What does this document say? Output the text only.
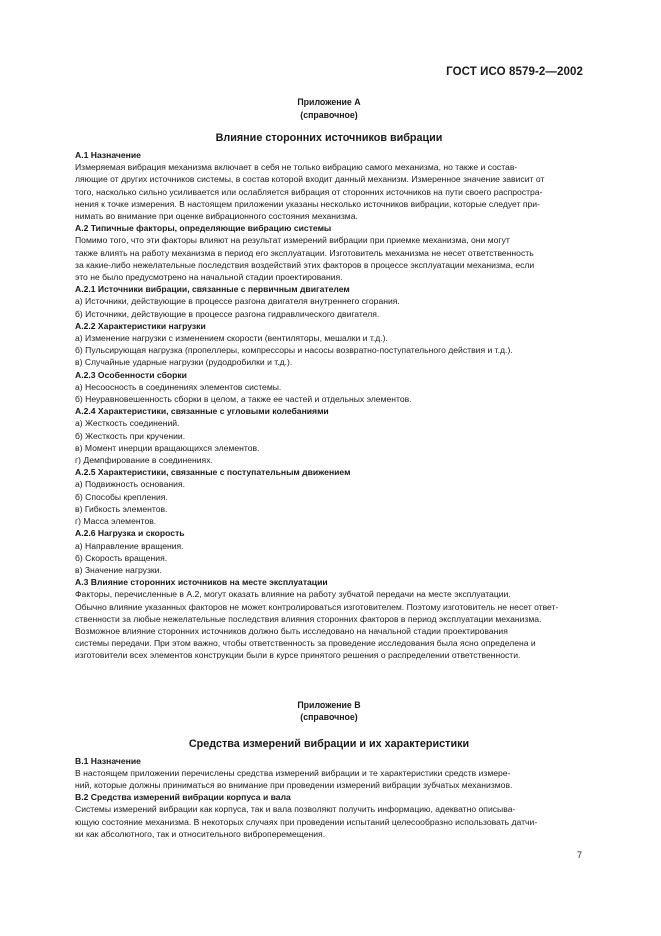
ГОСТ ИСО 8579-2—2002
Приложение А
(справочное)
Влияние сторонних источников вибрации
А.1 Назначение
Измеряемая вибрация механизма включает в себя не только вибрацию самого механизма, но также и состав-
ляющие от других источников системы, в состав которой входит данный механизм. Измеренное значение зависит от
того, насколько сильно усиливается или ослабляется вибрация от сторонних источников на пути своего распростра-
нения к точке измерения. В настоящем приложении указаны несколько источников вибрации, которые следует при-
нимать во внимание при оценке вибрационного состояния механизма.
А.2 Типичные факторы, определяющие вибрацию системы
Помимо того, что эти факторы влияют на результат измерений вибрации при приемке механизма, они могут
также влиять на работу механизма в период его эксплуатации. Изготовитель механизма не несет ответственность
за какие-либо нежелательные последствия воздействий этих факторов в процессе эксплуатации механизма, если
это не было предусмотрено на начальной стадии проектирования.
А.2.1 Источники вибрации, связанные с первичным двигателем
а) Источники, действующие в процессе разгона двигателя внутреннего сгорания.
б) Источники, действующие в процессе разгона гидравлического двигателя.
А.2.2 Характеристики нагрузки
а) Изменение нагрузки с изменением скорости (вентиляторы, мешалки и т.д.).
б) Пульсирующая нагрузка (пропеллеры, компрессоры и насосы возвратно-поступательного действия и т.д.).
в) Случайные ударные нагрузки (рудодробилки и т.д.).
А.2.3 Особенности сборки
а) Несоосность в соединениях элементов системы.
б) Неуравновешенность сборки в целом, а также ее частей и отдельных элементов.
А.2.4 Характеристики, связанные с угловыми колебаниями
а) Жесткость соединений.
б) Жесткость при кручении.
в) Момент инерции вращающихся элементов.
г) Демпфирование в соединениях.
А.2.5 Характеристики, связанные с поступательным движением
а) Подвижность основания.
б) Способы крепления.
в) Гибкость элементов.
г) Масса элементов.
А.2.6 Нагрузка и скорость
а) Направление вращения.
б) Скорость вращения.
в) Значение нагрузки.
А.3 Влияние сторонних источников на месте эксплуатации
Факторы, перечисленные в А.2, могут оказать влияние на работу зубчатой передачи на месте эксплуатации.
Обычно влияние указанных факторов не может контролироваться изготовителем. Поэтому изготовитель не несет ответ-
ственности за любые нежелательные последствия влияния сторонних факторов в период эксплуатации механизма.
Возможное влияние сторонних источников должно быть исследовано на начальной стадии проектирования
системы передачи. При этом важно, чтобы ответственность за проведение исследования была ясно определена и
изготовители всех элементов конструкции были в курсе принятого решения о распределении ответственности.
Приложение В
(справочное)
Средства измерений вибрации и их характеристики
В.1 Назначение
В настоящем приложении перечислены средства измерений вибрации и те характеристики средств измере-
ний, которые должны приниматься во внимание при проведении измерений вибрации зубчатых механизмов.
В.2 Средства измерений вибрации корпуса и вала
Системы измерений вибрации как корпуса, так и вала позволяют получить информацию, адекватно описыва-
ющую состояние механизма. В некоторых случаях при проведении испытаний целесообразно использовать датчи-
ки как абсолютного, так и относительного виброперемещения.
7
